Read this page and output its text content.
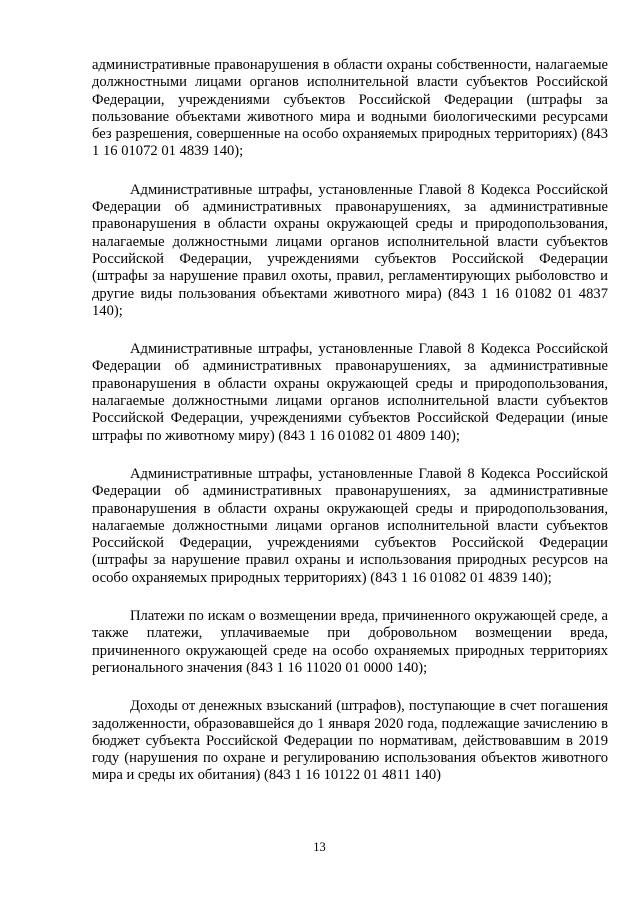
административные правонарушения в области охраны собственности, налагаемые должностными лицами органов исполнительной власти субъектов Российской Федерации, учреждениями субъектов Российской Федерации (штрафы за пользование объектами животного мира и водными биологическими ресурсами без разрешения, совершенные на особо охраняемых природных территориях) (843 1 16 01072 01 4839 140);

Административные штрафы, установленные Главой 8 Кодекса Российской Федерации об административных правонарушениях, за административные правонарушения в области охраны окружающей среды и природопользования, налагаемые должностными лицами органов исполнительной власти субъектов Российской Федерации, учреждениями субъектов Российской Федерации (штрафы за нарушение правил охоты, правил, регламентирующих рыболовство и другие виды пользования объектами животного мира) (843 1 16 01082 01 4837 140);

Административные штрафы, установленные Главой 8 Кодекса Российской Федерации об административных правонарушениях, за административные правонарушения в области охраны окружающей среды и природопользования, налагаемые должностными лицами органов исполнительной власти субъектов Российской Федерации, учреждениями субъектов Российской Федерации (иные штрафы по животному миру) (843 1 16 01082 01 4809 140);

Административные штрафы, установленные Главой 8 Кодекса Российской Федерации об административных правонарушениях, за административные правонарушения в области охраны окружающей среды и природопользования, налагаемые должностными лицами органов исполнительной власти субъектов Российской Федерации, учреждениями субъектов Российской Федерации (штрафы за нарушение правил охраны и использования природных ресурсов на особо охраняемых природных территориях) (843 1 16 01082 01 4839 140);

Платежи по искам о возмещении вреда, причиненного окружающей среде, а также платежи, уплачиваемые при добровольном возмещении вреда, причиненного окружающей среде на особо охраняемых природных территориях регионального значения (843 1 16 11020 01 0000 140);

Доходы от денежных взысканий (штрафов), поступающие в счет погашения задолженности, образовавшейся до 1 января 2020 года, подлежащие зачислению в бюджет субъекта Российской Федерации по нормативам, действовавшим в 2019 году (нарушения по охране и регулированию использования объектов животного мира и среды их обитания) (843 1 16 10122 01 4811 140)

13
